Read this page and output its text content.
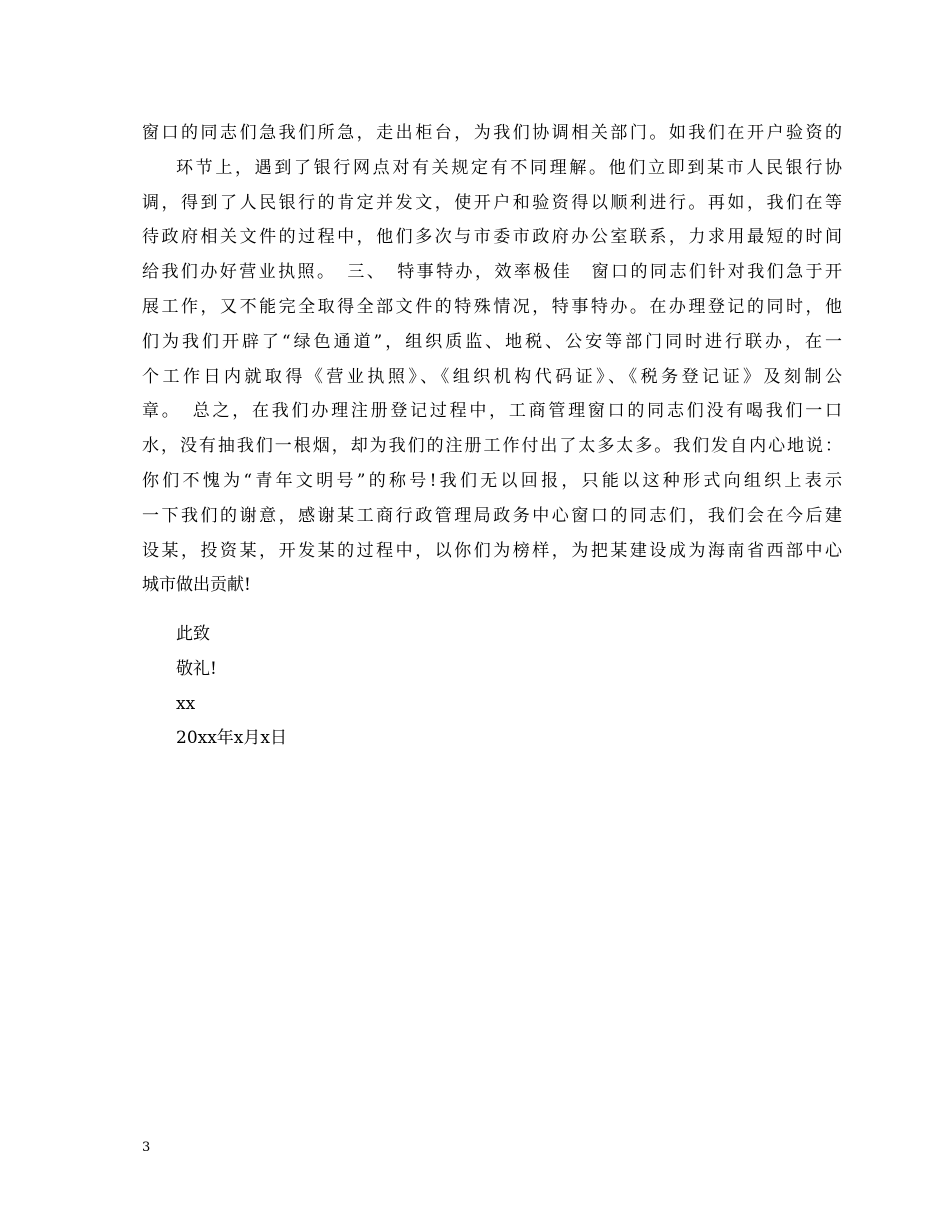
窗口的同志们急我们所急，走出柜台，为我们协调相关部门。如我们在开户验资的
环节上，遇到了银行网点对有关规定有不同理解。他们立即到某市人民银行协
调，得到了人民银行的肯定并发文，使开户和验资得以顺利进行。再如，我们在等
待政府相关文件的过程中，他们多次与市委市政府办公室联系，力求用最短的时间
给我们办好营业执照。　三、　特事特办，效率极佳　窗口的同志们针对我们急于开
展工作，又不能完全取得全部文件的特殊情况，特事特办。在办理登记的同时，他
们为我们开辟了“绿色通道”，组织质监、地税、公安等部门同时进行联办，在一
个工作日内就取得《营业执照》、《组织机构代码证》、《税务登记证》及刻制公
章。　总之，在我们办理注册登记过程中，工商管理窗口的同志们没有喝我们一口
水，没有抽我们一根烟，却为我们的注册工作付出了太多太多。我们发自内心地说：
你们不愧为“青年文明号”的称号!我们无以回报，只能以这种形式向组织上表示
一下我们的谢意，感谢某工商行政管理局政务中心窗口的同志们，我们会在今后建
设某，投资某，开发某的过程中，以你们为榜样，为把某建设成为海南省西部中心
城市做出贡献!
此致
敬礼!
xx
20xx年x月x日
3
